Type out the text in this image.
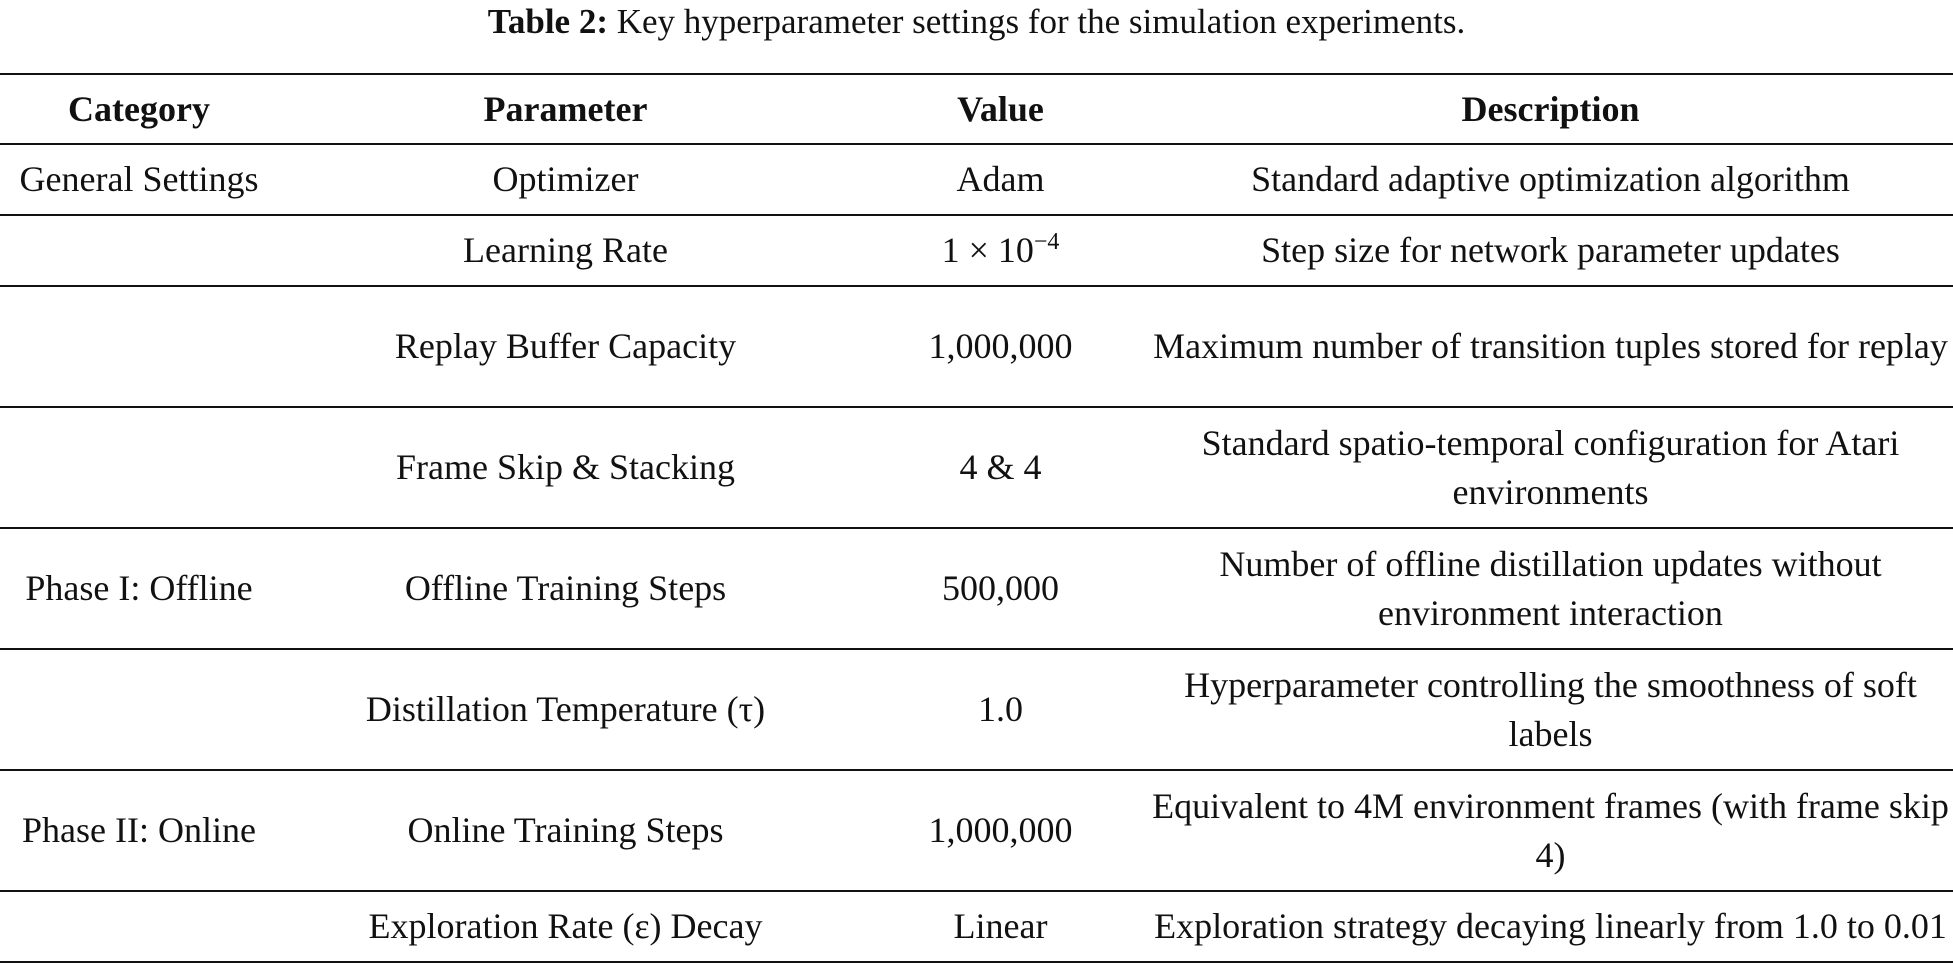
Table 2: Key hyperparameter settings for the simulation experiments.
Category	Parameter	Value	Description
General Settings	Optimizer	Adam	Standard adaptive optimization algorithm
	Learning Rate	$1 \times 10^{-4}$	Step size for network parameter updates
	Replay Buffer Capacity	1,000,000	Maximum number of transition tuples stored for replay
	Frame Skip & Stacking	4 & 4	Standard spatio-temporal configuration for Atari environments
Phase I: Offline	Offline Training Steps	500,000	Number of offline distillation updates without environment interaction
	Distillation Temperature (τ)	1.0	Hyperparameter controlling the smoothness of soft labels
Phase II: Online	Online Training Steps	1,000,000	Equivalent to 4M environment frames (with frame skip 4)
	Exploration Rate (ε) Decay	Linear	Exploration strategy decaying linearly from 1.0 to 0.01
